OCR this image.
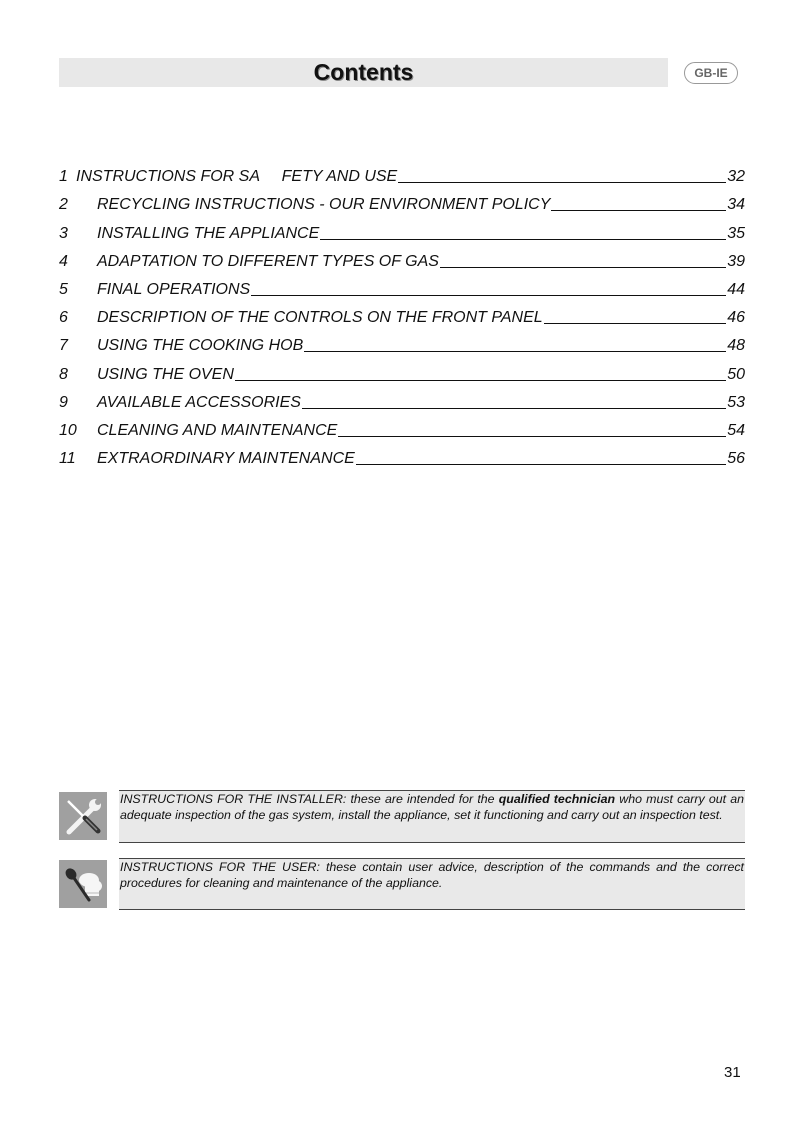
Contents	GB-IE
1 INSTRUCTIONS FOR SA     FETY AND USE	32
2	RECYCLING INSTRUCTIONS - OUR ENVIRONMENT POLICY	34
3	INSTALLING THE APPLIANCE	35
4	ADAPTATION TO DIFFERENT TYPES OF GAS	39
5	FINAL OPERATIONS	44
6	DESCRIPTION OF THE CONTROLS ON THE FRONT PANEL	46
7	USING THE COOKING HOB	48
8	USING THE OVEN	50
9	AVAILABLE ACCESSORIES	53
10	CLEANING AND MAINTENANCE	54
11	EXTRAORDINARY MAINTENANCE	56
INSTRUCTIONS FOR THE INSTALLER: these are intended for the qualified technician who must carry out an adequate inspection of the gas system, install the appliance, set it functioning and carry out an inspection test.
INSTRUCTIONS FOR THE USER: these contain user advice, description of the commands and the correct procedures for cleaning and maintenance of the appliance.
31
